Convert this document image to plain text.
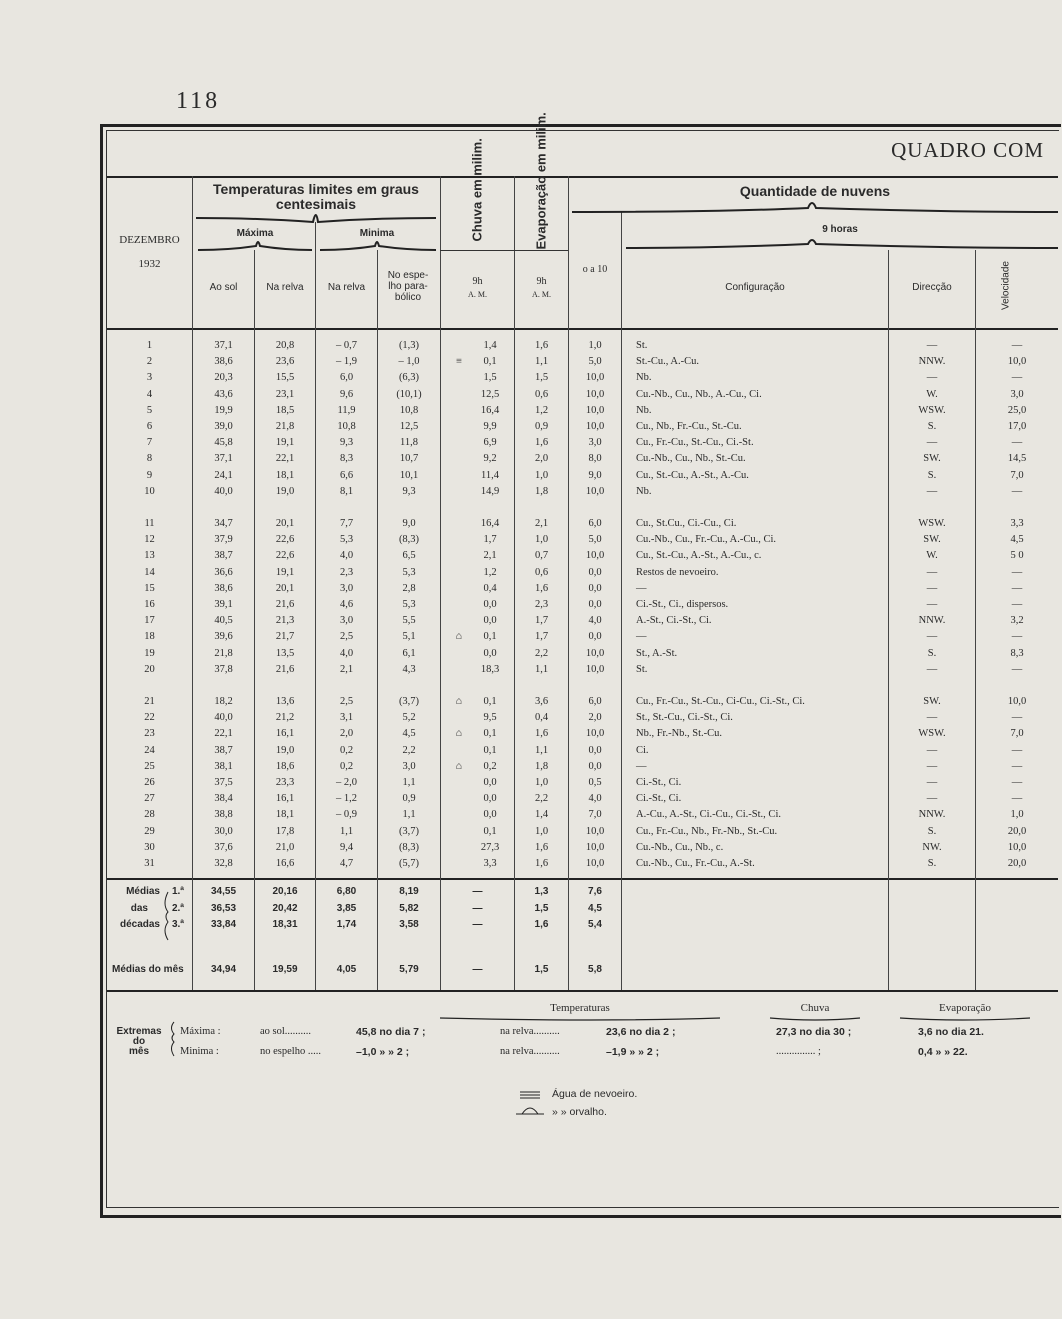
118
QUADRO COM
Temperaturas limites em graus centesimais
Máxima	Minima
DEZEMBRO
1932
Ao sol	Na relva	Na relva
No espe- lho para- bólico
Chuva em milim.	Evaporação em milim.
9h
A. M.
9h
A. M.
Quantidade de nuvens
o a 10
9 horas
Configuração	Direcção	Velocidade
1	37,1	20,8	– 0,7	(1,3)	1,4	1,6	1,0	St.	—	—
2	38,6	23,6	– 1,9	– 1,0	≡	0,1	1,1	5,0	St.-Cu., A.-Cu.	NNW.	10,0
3	20,3	15,5	6,0	(6,3)	1,5	1,5	10,0	Nb.	—	—
4	43,6	23,1	9,6	(10,1)	12,5	0,6	10,0	Cu.-Nb., Cu., Nb., A.-Cu., Ci.	W.	3,0
5	19,9	18,5	11,9	10,8	16,4	1,2	10,0	Nb.	WSW.	25,0
6	39,0	21,8	10,8	12,5	9,9	0,9	10,0	Cu., Nb., Fr.-Cu., St.-Cu.	S.	17,0
7	45,8	19,1	9,3	11,8	6,9	1,6	3,0	Cu., Fr.-Cu., St.-Cu., Ci.-St.	—	—
8	37,1	22,1	8,3	10,7	9,2	2,0	8,0	Cu.-Nb., Cu., Nb., St.-Cu.	SW.	14,5
9	24,1	18,1	6,6	10,1	11,4	1,0	9,0	Cu., St.-Cu., A.-St., A.-Cu.	S.	7,0
10	40,0	19,0	8,1	9,3	14,9	1,8	10,0	Nb.	—	—
11	34,7	20,1	7,7	9,0	16,4	2,1	6,0	Cu., St.Cu., Ci.-Cu., Ci.	WSW.	3,3
12	37,9	22,6	5,3	(8,3)	1,7	1,0	5,0	Cu.-Nb., Cu., Fr.-Cu., A.-Cu., Ci.	SW.	4,5
13	38,7	22,6	4,0	6,5	2,1	0,7	10,0	Cu., St.-Cu., A.-St., A.-Cu., c.	W.	5 0
14	36,6	19,1	2,3	5,3	1,2	0,6	0,0	Restos de nevoeiro.	—	—
15	38,6	20,1	3,0	2,8	0,4	1,6	0,0	—	—	—
16	39,1	21,6	4,6	5,3	0,0	2,3	0,0	Ci.-St., Ci., dispersos.	—	—
17	40,5	21,3	3,0	5,5	0,0	1,7	4,0	A.-St., Ci.-St., Ci.	NNW.	3,2
18	39,6	21,7	2,5	5,1	⌂	0,1	1,7	0,0	—	—	—
19	21,8	13,5	4,0	6,1	0,0	2,2	10,0	St., A.-St.	S.	8,3
20	37,8	21,6	2,1	4,3	18,3	1,1	10,0	St.	—	—
21	18,2	13,6	2,5	(3,7)	⌂	0,1	3,6	6,0	Cu., Fr.-Cu., St.-Cu., Ci-Cu., Ci.-St., Ci.	SW.	10,0
22	40,0	21,2	3,1	5,2	9,5	0,4	2,0	St., St.-Cu., Ci.-St., Ci.	—	—
23	22,1	16,1	2,0	4,5	⌂	0,1	1,6	10,0	Nb., Fr.-Nb., St.-Cu.	WSW.	7,0
24	38,7	19,0	0,2	2,2	0,1	1,1	0,0	Ci.	—	—
25	38,1	18,6	0,2	3,0	⌂	0,2	1,8	0,0	—	—	—
26	37,5	23,3	– 2,0	1,1	0,0	1,0	0,5	Ci.-St., Ci.	—	—
27	38,4	16,1	– 1,2	0,9	0,0	2,2	4,0	Ci.-St., Ci.	—	—
28	38,8	18,1	– 0,9	1,1	0,0	1,4	7,0	A.-Cu., A.-St., Ci.-Cu., Ci.-St., Ci.	NNW.	1,0
29	30,0	17,8	1,1	(3,7)	0,1	1,0	10,0	Cu., Fr.-Cu., Nb., Fr.-Nb., St.-Cu.	S.	20,0
30	37,6	21,0	9,4	(8,3)	27,3	1,6	10,0	Cu.-Nb., Cu., Nb., c.	NW.	10,0
31	32,8	16,6	4,7	(5,7)	3,3	1,6	10,0	Cu.-Nb., Cu., Fr.-Cu., A.-St.	S.	20,0
Médias
das
décadas
1.ª	34,55	20,16	6,80	8,19	—	1,3	7,6
2.ª	36,53	20,42	3,85	5,82	—	1,5	4,5
3.ª	33,84	18,31	1,74	3,58	—	1,6	5,4
34,94	19,59	4,05	5,79	—	1,5	5,8
Médias do mês
Extremas
do
mês
Temperaturas	Chuva	Evaporação
Máxima :
Minima :
ao sol..........	45,8 no dia 7 ;	na relva..........	23,6 no dia 2 ;	27,3 no dia 30 ;	3,6 no dia 21.
no espelho .....	–1,0 » » 2 ;	na relva..........	–1,9 » » 2 ;	............... ;	0,4 » » 22.
Água de nevoeiro.
» » orvalho.
